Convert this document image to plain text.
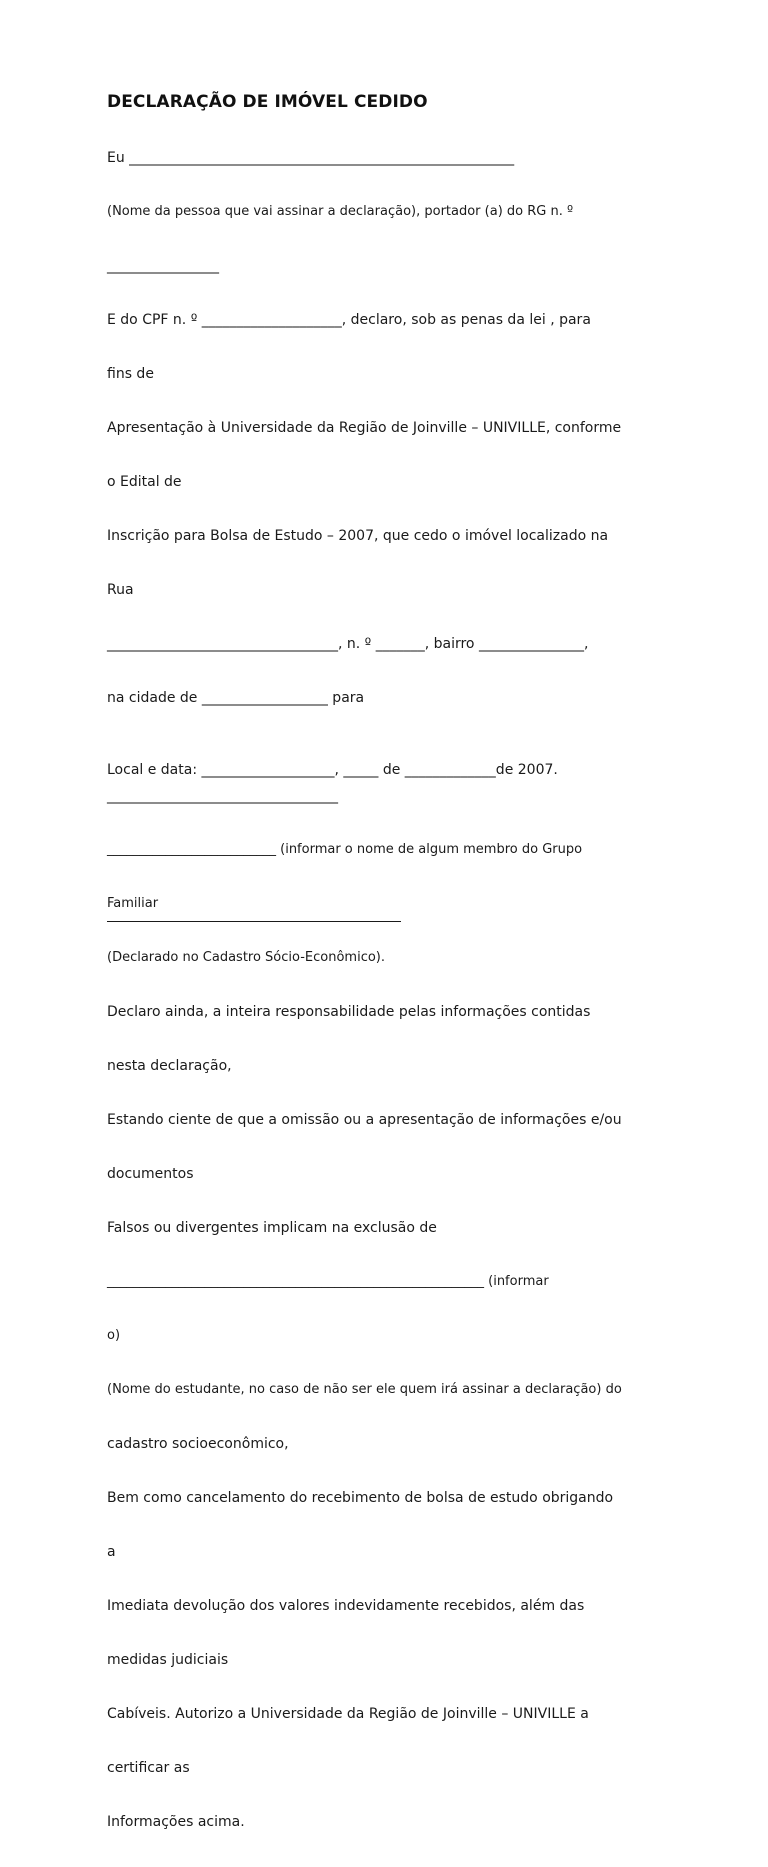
DECLARAÇÃO DE IMÓVEL CEDIDO

Eu _______________________________________________________

(Nome da pessoa que vai assinar a declaração), portador (a) do RG n. º

________________

E do CPF n. º ____________________, declaro, sob as penas da lei , para

fins de

Apresentação à Universidade da Região de Joinville – UNIVILLE, conforme

o Edital de

Inscrição para Bolsa de Estudo – 2007, que cedo o imóvel localizado na

Rua

_________________________________, n. º _______, bairro _______________,

na cidade de __________________ para

_________________________________

__________________________ (informar o nome de algum membro do Grupo

Familiar

(Declarado no Cadastro Sócio-Econômico).

Declaro ainda, a inteira responsabilidade pelas informações contidas

nesta declaração,

Estando ciente de que a omissão ou a apresentação de informações e/ou

documentos

Falsos ou divergentes implicam na exclusão de

__________________________________________________________ (informar

o)

(Nome do estudante, no caso de não ser ele quem irá assinar a declaração) do

cadastro socioeconômico,

Bem como cancelamento do recebimento de bolsa de estudo obrigando

a

Imediata devolução dos valores indevidamente recebidos, além das

medidas judiciais

Cabíveis. Autorizo a Universidade da Região de Joinville – UNIVILLE a

certificar as

Informações acima.

Local e data: ___________________, _____ de _____________de 2007.
